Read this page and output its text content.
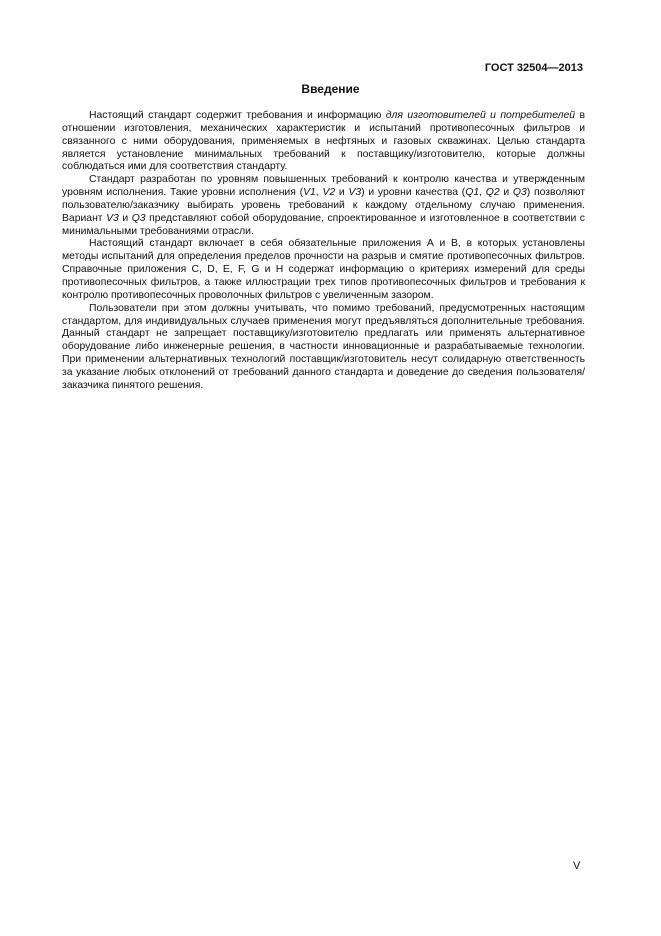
ГОСТ 32504—2013
Введение

Настоящий стандарт содержит требования и информацию для изготовителей и потребителей в отношении изготовления, механических характеристик и испытаний противопесочных фильтров и связанного с ними оборудования, применяемых в нефтяных и газовых скважинах. Целью стандарта является установление минимальных требований к поставщику/изготовителю, которые должны соблюдаться ими для соответствия стандарту.

Стандарт разработан по уровням повышенных требований к контролю качества и утвержденным уровням исполнения. Такие уровни исполнения (V1, V2 и V3) и уровни качества (Q1, Q2 и Q3) позволяют пользователю/заказчику выбирать уровень требований к каждому отдельному случаю применения. Вариант V3 и Q3 представляют собой оборудование, спроектированное и изготовленное в соответствии с минимальными требованиями отрасли.

Настоящий стандарт включает в себя обязательные приложения А и В, в которых установлены методы испытаний для определения пределов прочности на разрыв и смятие противопесочных фильтров. Справочные приложения С, D, Е, F, G и Н содержат информацию о критериях измерений для среды противопесочных фильтров, а также иллюстрации трех типов противопесочных фильтров и требования к контролю противопесочных проволочных фильтров с увеличенным зазором.

Пользователи при этом должны учитывать, что помимо требований, предусмотренных настоящим стандартом, для индивидуальных случаев применения могут предъявляться дополнительные требования. Данный стандарт не запрещает поставщику/изготовителю предлагать или применять альтернативное оборудование либо инженерные решения, в частности инновационные и разрабатываемые технологии. При применении альтернативных технологий поставщик/изготовитель несут солидарную ответственность за указание любых отклонений от требований данного стандарта и доведение до сведения пользователя/заказчика пинятого решения.

V
